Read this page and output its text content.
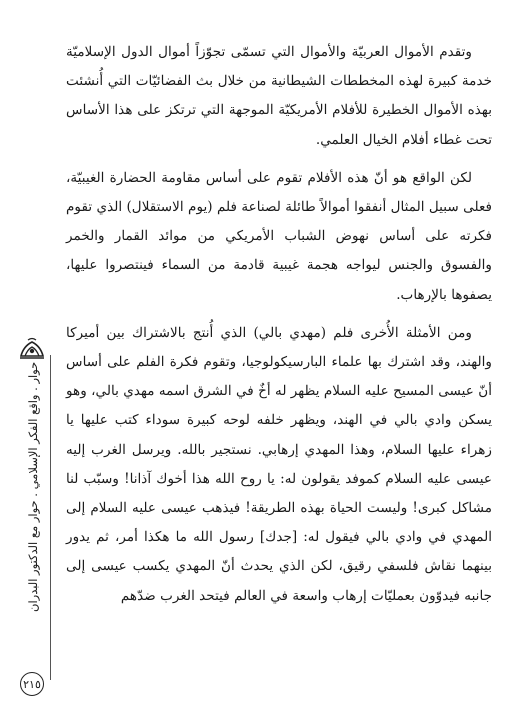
وتقدم الأموال العربيّة والأموال التي تسمّى تجوّزاً أموال الدول الإسلاميّة خدمة كبيرة لهذه المخططات الشيطانية من خلال بث الفضائيّات التي أُنشئت بهذه الأموال الخطيرة للأفلام الأمريكيّة الموجهة التي ترتكز على هذا الأساس تحت غطاء أفلام الخيال العلمي.

لكن الواقع هو أنّ هذه الأفلام تقوم على أساس مقاومة الحضارة الغيبيّة، فعلى سبيل المثال أنفقوا أموالاً طائلة لصناعة فلم (يوم الاستقلال) الذي تقوم فكرته على أساس نهوض الشباب الأمريكي من موائد القمار والخمر والفسوق والجنس ليواجه هجمة غيبية قادمة من السماء فينتصروا عليها، يصفوها بالإرهاب.

ومن الأمثلة الأُخرى فلم (مهدي بالي) الذي أُنتج بالاشتراك بين أميركا والهند، وقد اشترك بها علماء البارسيكولوجيا، وتقوم فكرة الفلم على أساس أنّ عيسى المسيح عليه السلام يظهر له أخٌ في الشرق اسمه مهدي بالي، وهو يسكن وادي بالي في الهند، ويظهر خلفه لوحه كبيرة سوداء كتب عليها يا زهراء عليها السلام، وهذا المهدي إرهابي. نستجير بالله. ويرسل الغرب إليه عيسى عليه السلام كموفد يقولون له: يا روح الله هذا أخوك آذانا! وسبّب لنا مشاكل كبرى! وليست الحياة بهذه الطريقة! فيذهب عيسى عليه السلام إلى المهدي في وادي بالي فيقول له: [جدك] رسول الله ما هكذا أمر، ثم يدور بينهما نقاش فلسفي رقيق، لكن الذي يحدث أنّ المهدي يكسب عيسى إلى جانبه فيدوّون بعمليّات إرهاب واسعة في العالم فيتحد الغرب ضدّهم

حوار . واقع الفكر الإسلامي . حوار مع الدكتور البدران
٢١٥
